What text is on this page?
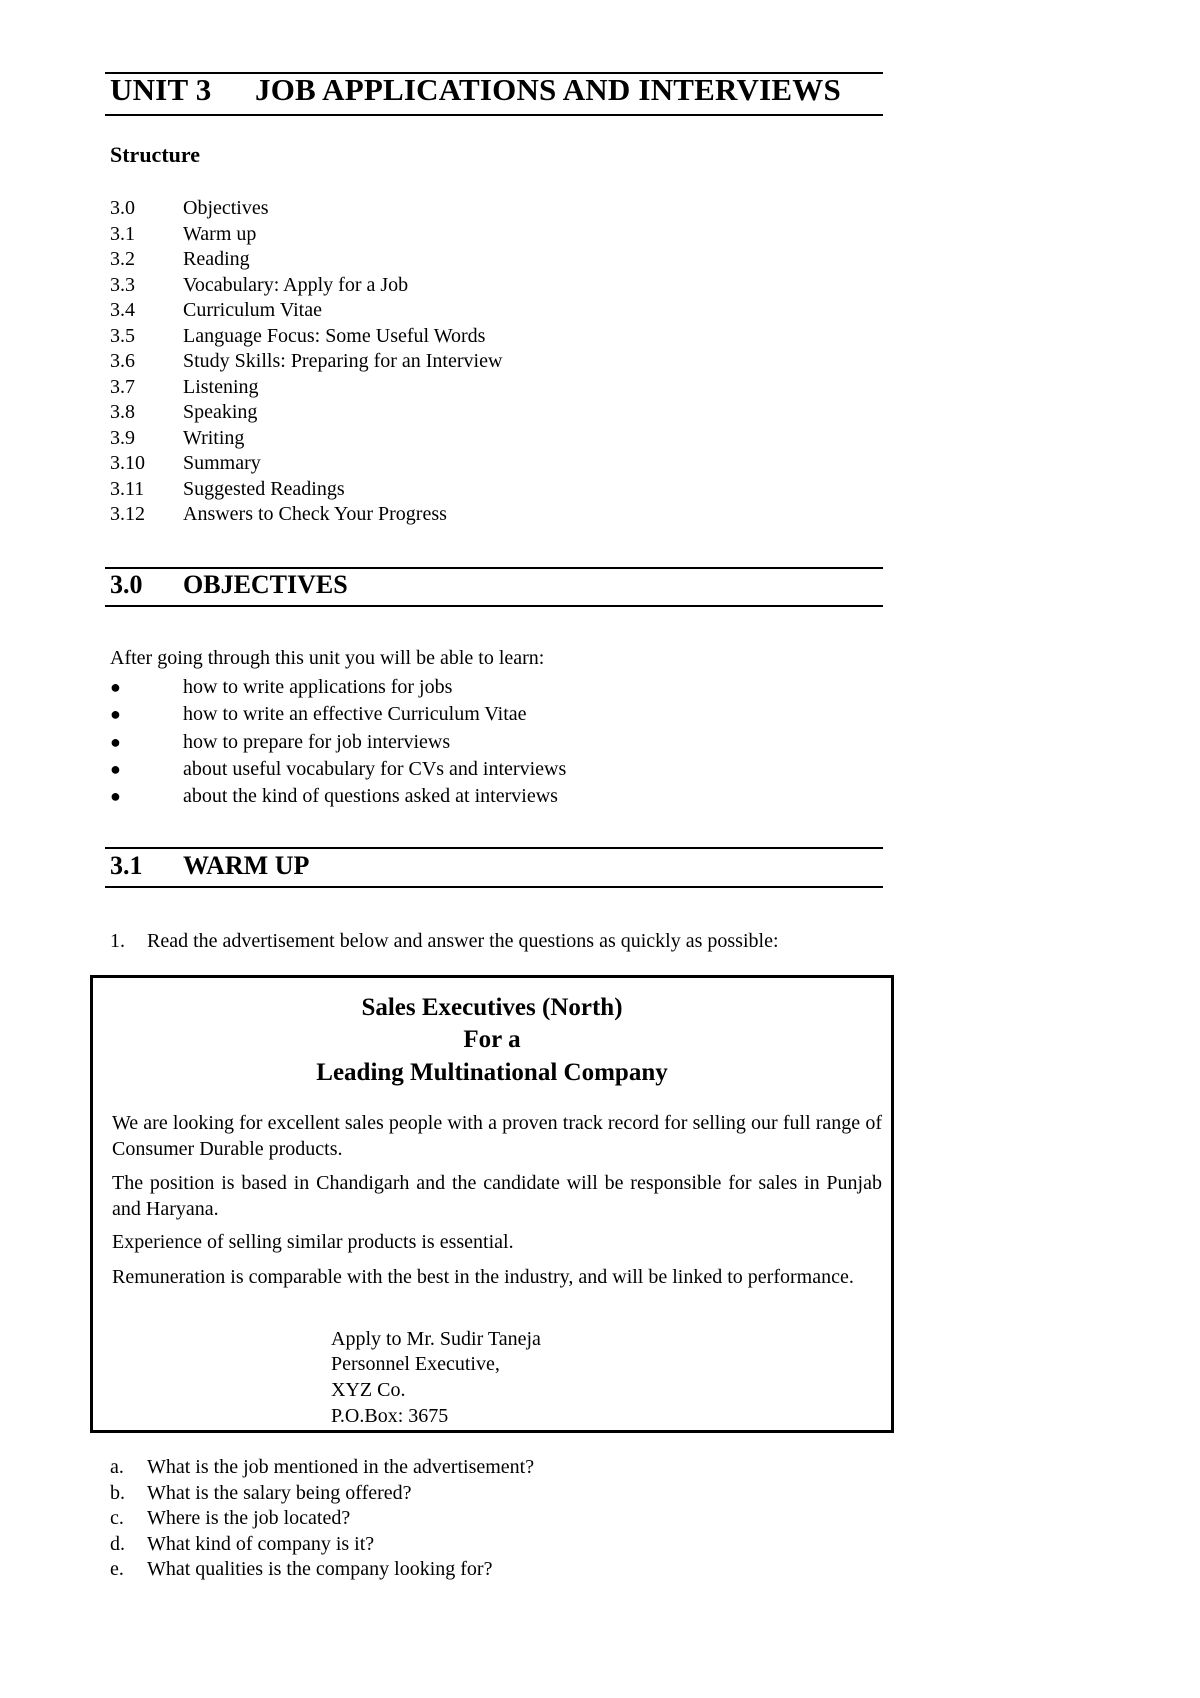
UNIT 3 JOB APPLICATIONS AND INTERVIEWS
Structure
3.0 Objectives
3.1 Warm up
3.2 Reading
3.3 Vocabulary: Apply for a Job
3.4 Curriculum Vitae
3.5 Language Focus: Some Useful Words
3.6 Study Skills: Preparing for an Interview
3.7 Listening
3.8 Speaking
3.9 Writing
3.10 Summary
3.11 Suggested Readings
3.12 Answers to Check Your Progress
3.0 OBJECTIVES
After going through this unit you will be able to learn:
●	how to write applications for jobs
●	how to write an effective Curriculum Vitae
●	how to prepare for job interviews
●	about useful vocabulary for CVs and interviews
●	about the kind of questions asked at interviews
3.1 WARM UP
1. Read the advertisement below and answer the questions as quickly as possible:
Sales Executives (North)
For a
Leading Multinational Company
We are looking for excellent sales people with a proven track record for selling our full range of Consumer Durable products.
The position is based in Chandigarh and the candidate will be responsible for sales in Punjab and Haryana.
Experience of selling similar products is essential.
Remuneration is comparable with the best in the industry, and will be linked to performance.
Apply to Mr. Sudir Taneja
Personnel Executive,
XYZ Co.
P.O.Box: 3675
a. What is the job mentioned in the advertisement?
b. What is the salary being offered?
c. Where is the job located?
d. What kind of company is it?
e. What qualities is the company looking for?
